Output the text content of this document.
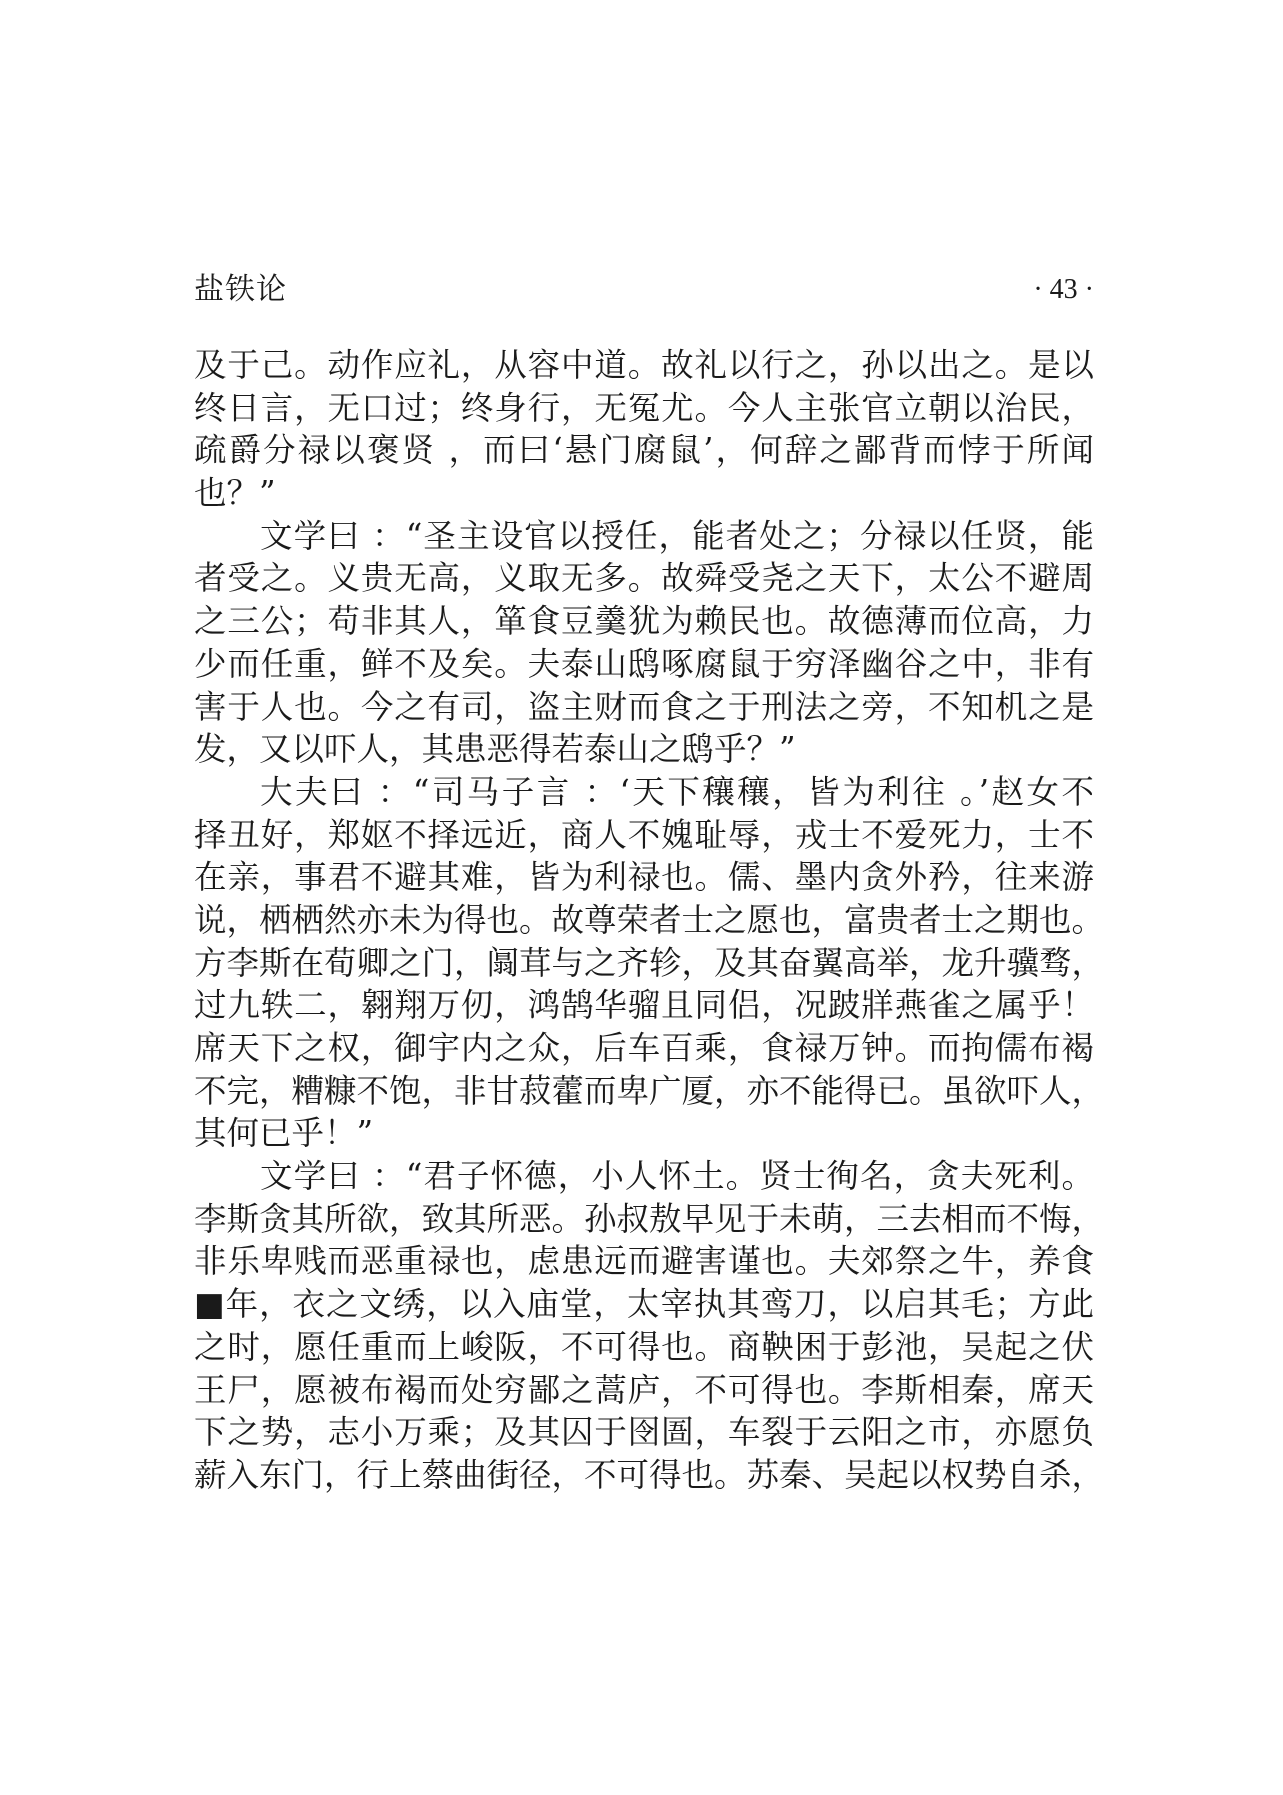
盐铁论	· 43 ·
及于己。动作应礼，从容中道。故礼以行之，孙以出之。是以
终日言，无口过；终身行，无冤尤。今人主张官立朝以治民，
疏爵分禄以褒贤 ，而曰‘悬门腐鼠’，何辞之鄙背而悖于所闻
也？”
文学曰 ：“圣主设官以授任，能者处之；分禄以任贤，能
者受之。义贵无高，义取无多。故舜受尧之天下，太公不避周
之三公；苟非其人，箪食豆羹犹为赖民也。故德薄而位高，力
少而任重，鲜不及矣。夫泰山鸱啄腐鼠于穷泽幽谷之中，非有
害于人也。今之有司，盗主财而食之于刑法之旁，不知机之是
发，又以吓人，其患恶得若泰山之鸱乎？”
大夫曰 ：“司马子言 ：‘天下穰穰，皆为利往 。’赵女不
择丑好，郑妪不择远近，商人不媿耻辱，戎士不爱死力，士不
在亲，事君不避其难，皆为利禄也。儒、墨内贪外矜，往来游
说，栖栖然亦未为得也。故尊荣者士之愿也，富贵者士之期也。
方李斯在荀卿之门，阘茸与之齐轸，及其奋翼高举，龙升骥骛，
过九轶二，翱翔万仞，鸿鹄华骝且同侣，况跛牂燕雀之属乎！
席天下之权，御宇内之众，后车百乘，食禄万钟。而拘儒布褐
不完，糟糠不饱，非甘菽藿而卑广厦，亦不能得已。虽欲吓人，
其何已乎！”
文学曰 ：“君子怀德，小人怀土。贤士徇名，贪夫死利。
李斯贪其所欲，致其所恶。孙叔敖早见于未萌，三去相而不悔，
非乐卑贱而恶重禄也，虑患远而避害谨也。夫郊祭之牛，养食
■年，衣之文绣，以入庙堂，太宰执其鸾刀，以启其毛；方此
之时，愿任重而上峻阪，不可得也。商鞅困于彭池，吴起之伏
王尸，愿被布褐而处穷鄙之蒿庐，不可得也。李斯相秦，席天
下之势，志小万乘；及其囚于囹圄，车裂于云阳之市，亦愿负
薪入东门，行上蔡曲街径，不可得也。苏秦、吴起以权势自杀，
